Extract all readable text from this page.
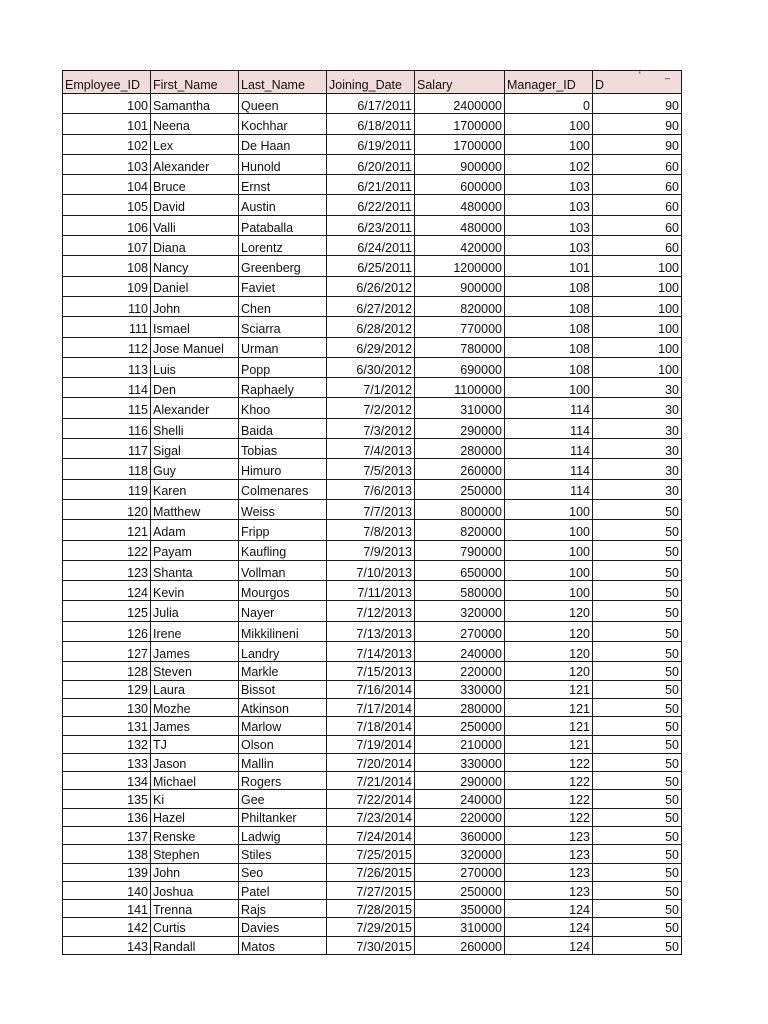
Employee_ID	First_Name	Last_Name	Joining_Date	Salary	Manager_ID	D
' _

100	Samantha	Queen	6/17/2011	2400000	0	90
101	Neena	Kochhar	6/18/2011	1700000	100	90
102	Lex	De Haan	6/19/2011	1700000	100	90
103	Alexander	Hunold	6/20/2011	900000	102	60
104	Bruce	Ernst	6/21/2011	600000	103	60
105	David	Austin	6/22/2011	480000	103	60
106	Valli	Pataballa	6/23/2011	480000	103	60
107	Diana	Lorentz	6/24/2011	420000	103	60
108	Nancy	Greenberg	6/25/2011	1200000	101	100
109	Daniel	Faviet	6/26/2012	900000	108	100
110	John	Chen	6/27/2012	820000	108	100
111	Ismael	Sciarra	6/28/2012	770000	108	100
112	Jose Manuel	Urman	6/29/2012	780000	108	100
113	Luis	Popp	6/30/2012	690000	108	100
114	Den	Raphaely	7/1/2012	1100000	100	30
115	Alexander	Khoo	7/2/2012	310000	114	30
116	Shelli	Baida	7/3/2012	290000	114	30
117	Sigal	Tobias	7/4/2013	280000	114	30
118	Guy	Himuro	7/5/2013	260000	114	30
119	Karen	Colmenares	7/6/2013	250000	114	30
120	Matthew	Weiss	7/7/2013	800000	100	50
121	Adam	Fripp	7/8/2013	820000	100	50
122	Payam	Kaufling	7/9/2013	790000	100	50
123	Shanta	Vollman	7/10/2013	650000	100	50
124	Kevin	Mourgos	7/11/2013	580000	100	50
125	Julia	Nayer	7/12/2013	320000	120	50
126	Irene	Mikkilineni	7/13/2013	270000	120	50
127	James	Landry	7/14/2013	240000	120	50
128	Steven	Markle	7/15/2013	220000	120	50
129	Laura	Bissot	7/16/2014	330000	121	50
130	Mozhe	Atkinson	7/17/2014	280000	121	50
131	James	Marlow	7/18/2014	250000	121	50
132	TJ	Olson	7/19/2014	210000	121	50
133	Jason	Mallin	7/20/2014	330000	122	50
134	Michael	Rogers	7/21/2014	290000	122	50
135	Ki	Gee	7/22/2014	240000	122	50
136	Hazel	Philtanker	7/23/2014	220000	122	50
137	Renske	Ladwig	7/24/2014	360000	123	50
138	Stephen	Stiles	7/25/2015	320000	123	50
139	John	Seo	7/26/2015	270000	123	50
140	Joshua	Patel	7/27/2015	250000	123	50
141	Trenna	Rajs	7/28/2015	350000	124	50
142	Curtis	Davies	7/29/2015	310000	124	50
143	Randall	Matos	7/30/2015	260000	124	50
